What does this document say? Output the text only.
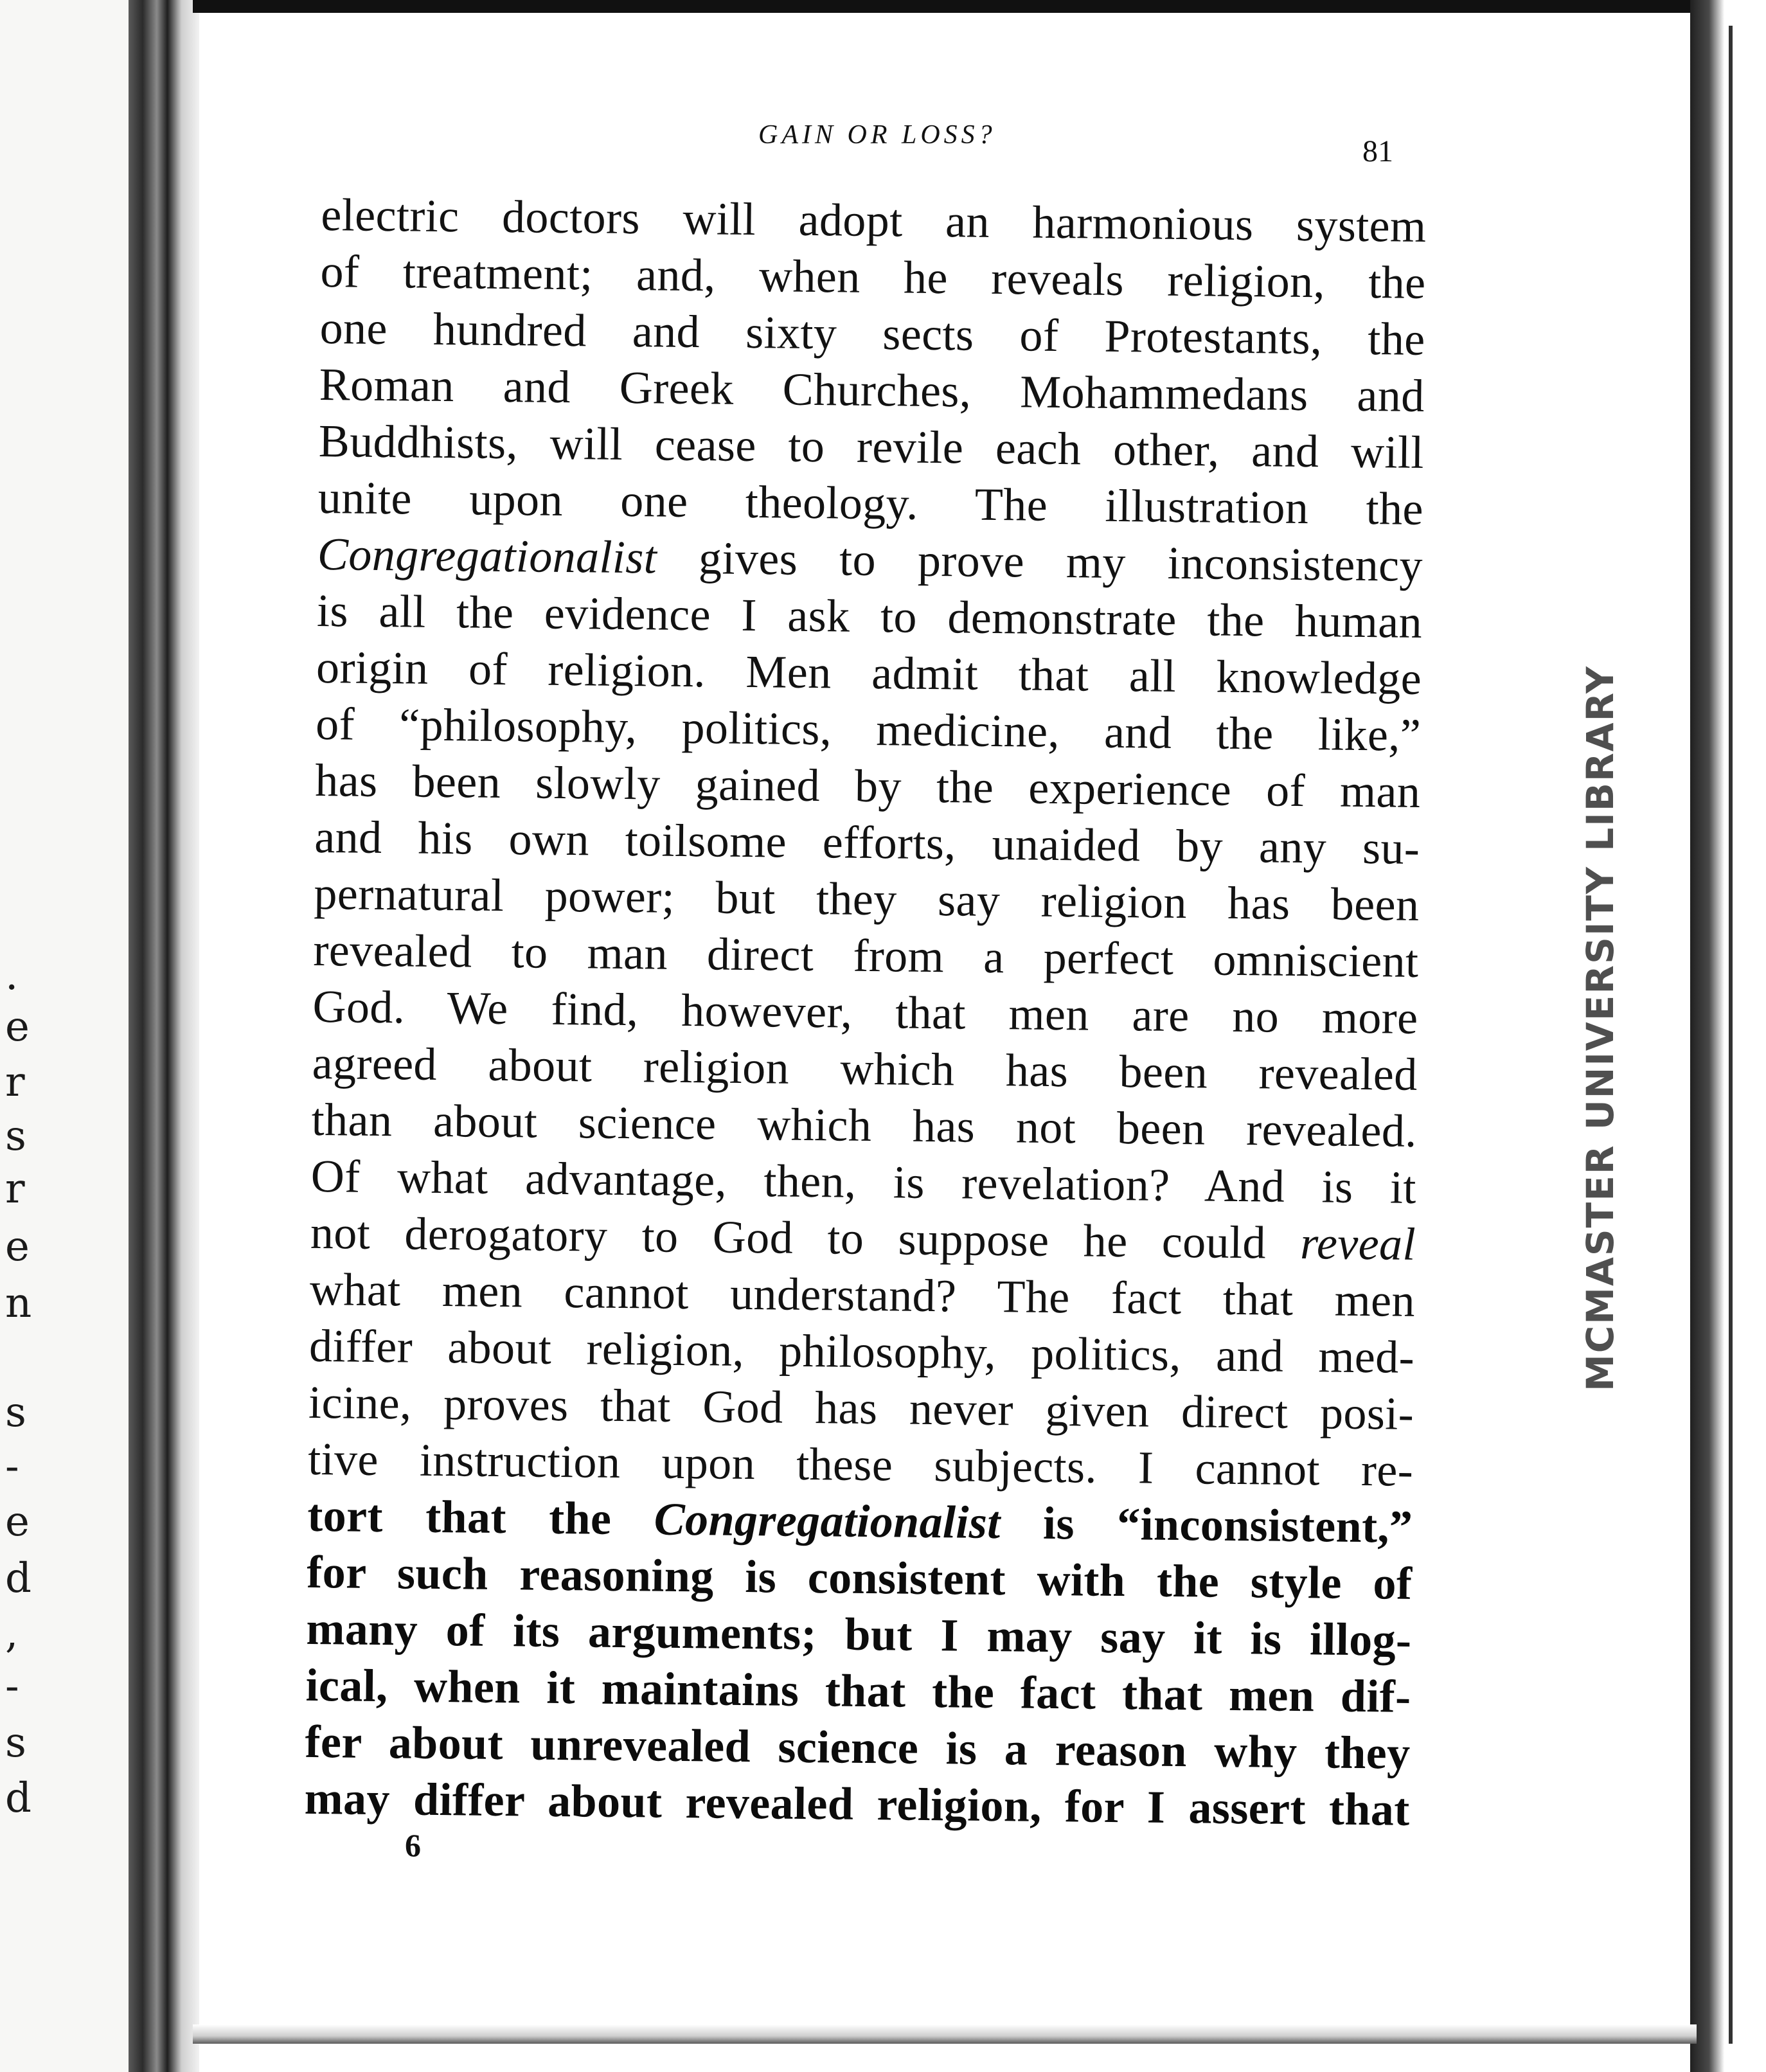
.
e
r
s
r
e
n
s
-
e
d
,
-
s
d
GAIN OR LOSS?	81
electric doctors will adopt an harmonious system
of treatment; and, when he reveals religion, the
one hundred and sixty sects of Protestants, the
Roman and Greek Churches, Mohammedans and
Buddhists, will cease to revile each other, and will
unite upon one theology. The illustration the
Congregationalist gives to prove my inconsistency
is all the evidence I ask to demonstrate the human
origin of religion. Men admit that all knowledge
of “philosophy, politics, medicine, and the like,”
has been slowly gained by the experience of man
and his own toilsome efforts, unaided by any su-
pernatural power; but they say religion has been
revealed to man direct from a perfect omniscient
God. We find, however, that men are no more
agreed about religion which has been revealed
than about science which has not been revealed.
Of what advantage, then, is revelation? And is it
not derogatory to God to suppose he could reveal
what men cannot understand? The fact that men
differ about religion, philosophy, politics, and med-
icine, proves that God has never given direct posi-
tive instruction upon these subjects. I cannot re-
tort that the Congregationalist is “inconsistent,”
for such reasoning is consistent with the style of
many of its arguments; but I may say it is illog-
ical, when it maintains that the fact that men dif-
fer about unrevealed science is a reason why they
may differ about revealed religion, for I assert that
6
MCMASTER UNIVERSITY LIBRARY
